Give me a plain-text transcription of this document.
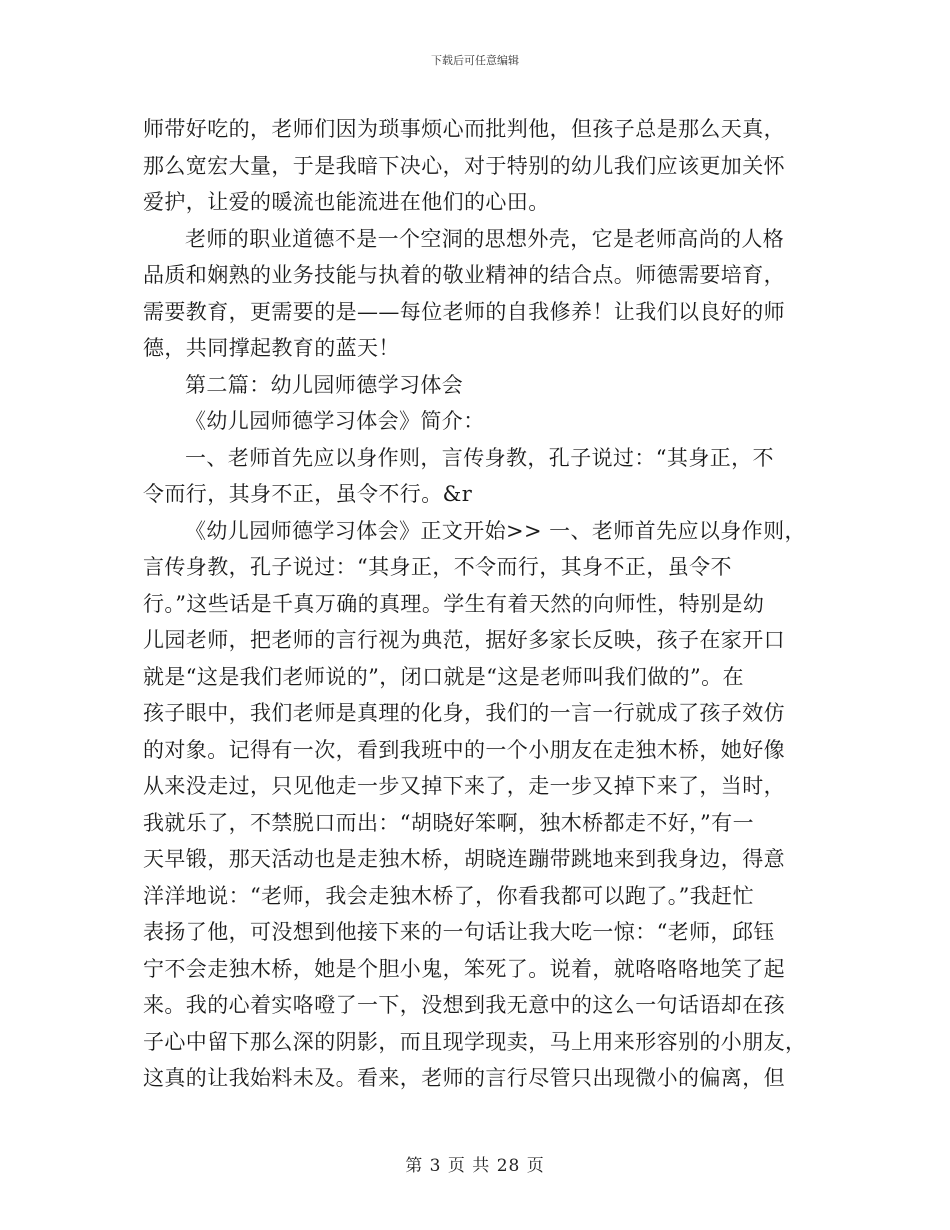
下载后可任意编辑
师带好吃的，老师们因为琐事烦心而批判他，但孩子总是那么天真，
那么宽宏大量，于是我暗下决心，对于特别的幼儿我们应该更加关怀
爱护，让爱的暖流也能流进在他们的心田。
老师的职业道德不是一个空洞的思想外壳，它是老师高尚的人格
品质和娴熟的业务技能与执着的敬业精神的结合点。师德需要培育，
需要教育，更需要的是——每位老师的自我修养！让我们以良好的师
德，共同撑起教育的蓝天！
第二篇：幼儿园师德学习体会
《幼儿园师德学习体会》简介：
一、老师首先应以身作则，言传身教，孔子说过：“其身正，不
令而行，其身不正，虽令不行。&r
《幼儿园师德学习体会》正文开始>> 一、老师首先应以身作则，
言传身教，孔子说过：“其身正，不令而行，其身不正，虽令不
行。”这些话是千真万确的真理。学生有着天然的向师性，特别是幼
儿园老师，把老师的言行视为典范，据好多家长反映，孩子在家开口
就是“这是我们老师说的”，闭口就是“这是老师叫我们做的”。在
孩子眼中，我们老师是真理的化身，我们的一言一行就成了孩子效仿
的对象。记得有一次，看到我班中的一个小朋友在走独木桥，她好像
从来没走过，只见他走一步又掉下来了，走一步又掉下来了，当时，
我就乐了，不禁脱口而出：“胡晓好笨啊，独木桥都走不好，”有一
天早锻，那天活动也是走独木桥，胡晓连蹦带跳地来到我身边，得意
洋洋地说：“老师，我会走独木桥了，你看我都可以跑了。”我赶忙
表扬了他，可没想到他接下来的一句话让我大吃一惊：“老师，邱钰
宁不会走独木桥，她是个胆小鬼，笨死了。说着，就咯咯咯地笑了起
来。我的心着实咯噔了一下，没想到我无意中的这么一句话语却在孩
子心中留下那么深的阴影，而且现学现卖，马上用来形容别的小朋友，
这真的让我始料未及。看来，老师的言行尽管只出现微小的偏离，但
第 3 页 共 28 页
